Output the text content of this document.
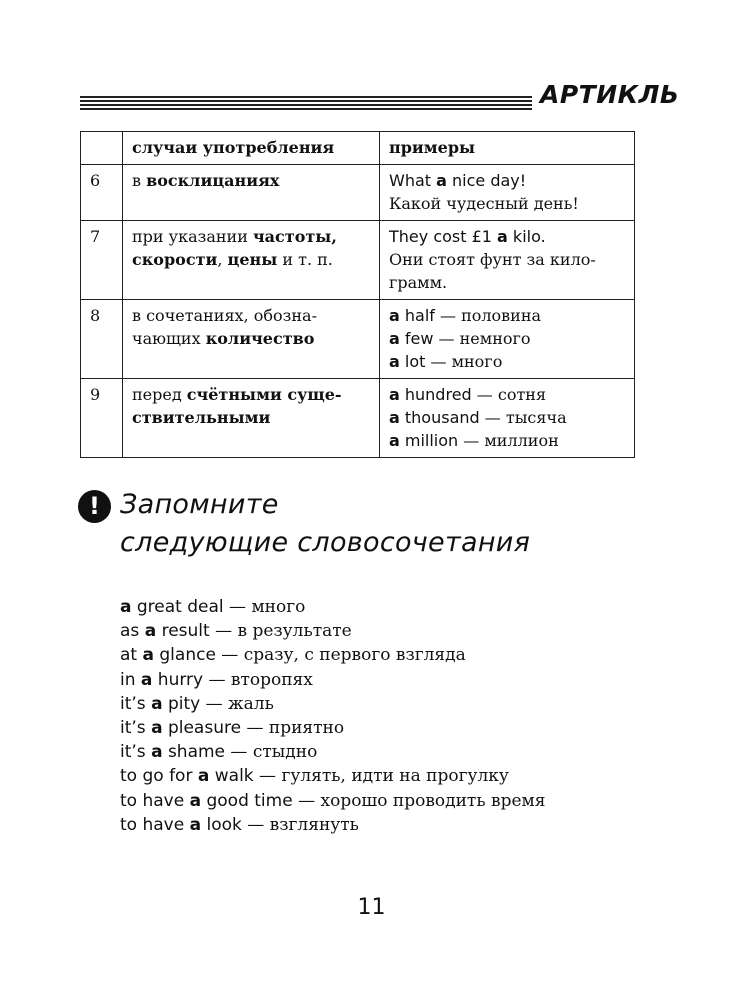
АРТИКЛЬ
	случаи употребления	примеры
6	в восклицаниях	What a nice day!
Какой чудесный день!

7	при указании частоты, скорости, цены и т. п.	They cost £1 a kilo.
Они стоят фунт за кило-
грамм.

8	в сочетаниях, обозна- чающих количество	a half — половина
a few — немного
a lot — много

9	перед счётными суще- ствительными	a hundred — сотня
a thousand — тысяча
a million — миллион
! Запомните
следующие словосочетания
a great deal — много
as a result — в результате
at a glance — сразу, с первого взгляда
in a hurry — второпях
it’s a pity — жаль
it’s a pleasure — приятно
it’s a shame — стыдно
to go for a walk — гулять, идти на прогулку
to have a good time — хорошо проводить время
to have a look — взглянуть
11
